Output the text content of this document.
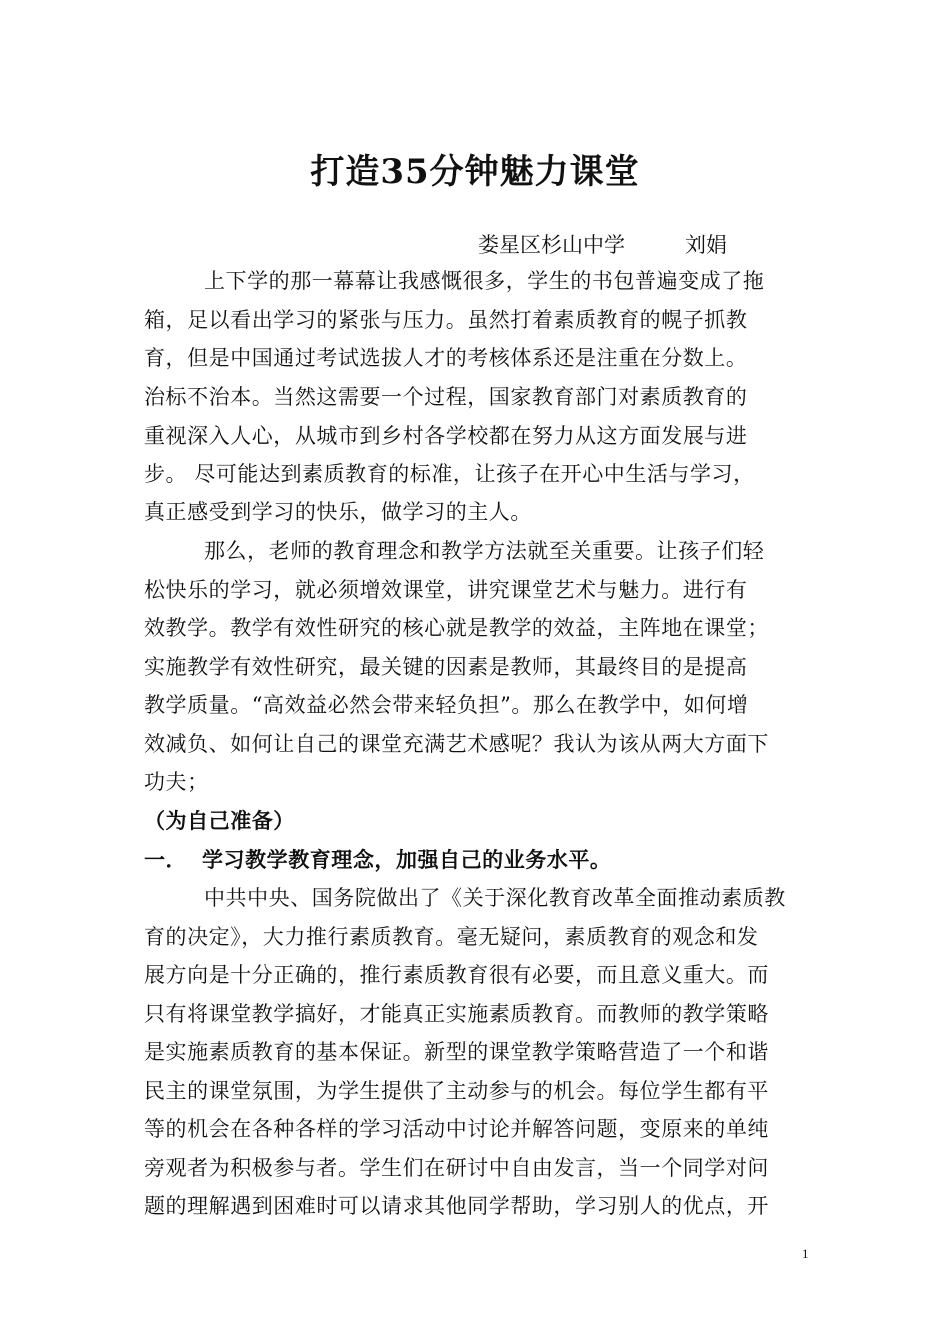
打造35分钟魅力课堂
娄星区杉山中学	刘娟
上下学的那一幕幕让我感慨很多，学生的书包普遍变成了拖
箱，足以看出学习的紧张与压力。虽然打着素质教育的幌子抓教
育，但是中国通过考试选拔人才的考核体系还是注重在分数上。
治标不治本。当然这需要一个过程，国家教育部门对素质教育的
重视深入人心，从城市到乡村各学校都在努力从这方面发展与进
步。 尽可能达到素质教育的标准，让孩子在开心中生活与学习，
真正感受到学习的快乐，做学习的主人。
那么，老师的教育理念和教学方法就至关重要。让孩子们轻
松快乐的学习，就必须增效课堂，讲究课堂艺术与魅力。进行有
效教学。教学有效性研究的核心就是教学的效益，主阵地在课堂；
实施教学有效性研究，最关键的因素是教师，其最终目的是提高
教学质量。“高效益必然会带来轻负担”。那么在教学中，如何增
效减负、如何让自己的课堂充满艺术感呢？我认为该从两大方面下
功夫；
（为自己准备）
一． 学习教学教育理念，加强自己的业务水平。
中共中央、国务院做出了《关于深化教育改革全面推动素质教
育的决定》，大力推行素质教育。毫无疑问，素质教育的观念和发
展方向是十分正确的，推行素质教育很有必要，而且意义重大。而
只有将课堂教学搞好，才能真正实施素质教育。而教师的教学策略
是实施素质教育的基本保证。新型的课堂教学策略营造了一个和谐
民主的课堂氛围，为学生提供了主动参与的机会。每位学生都有平
等的机会在各种各样的学习活动中讨论并解答问题，变原来的单纯
旁观者为积极参与者。学生们在研讨中自由发言，当一个同学对问
题的理解遇到困难时可以请求其他同学帮助，学习别人的优点，开
1
